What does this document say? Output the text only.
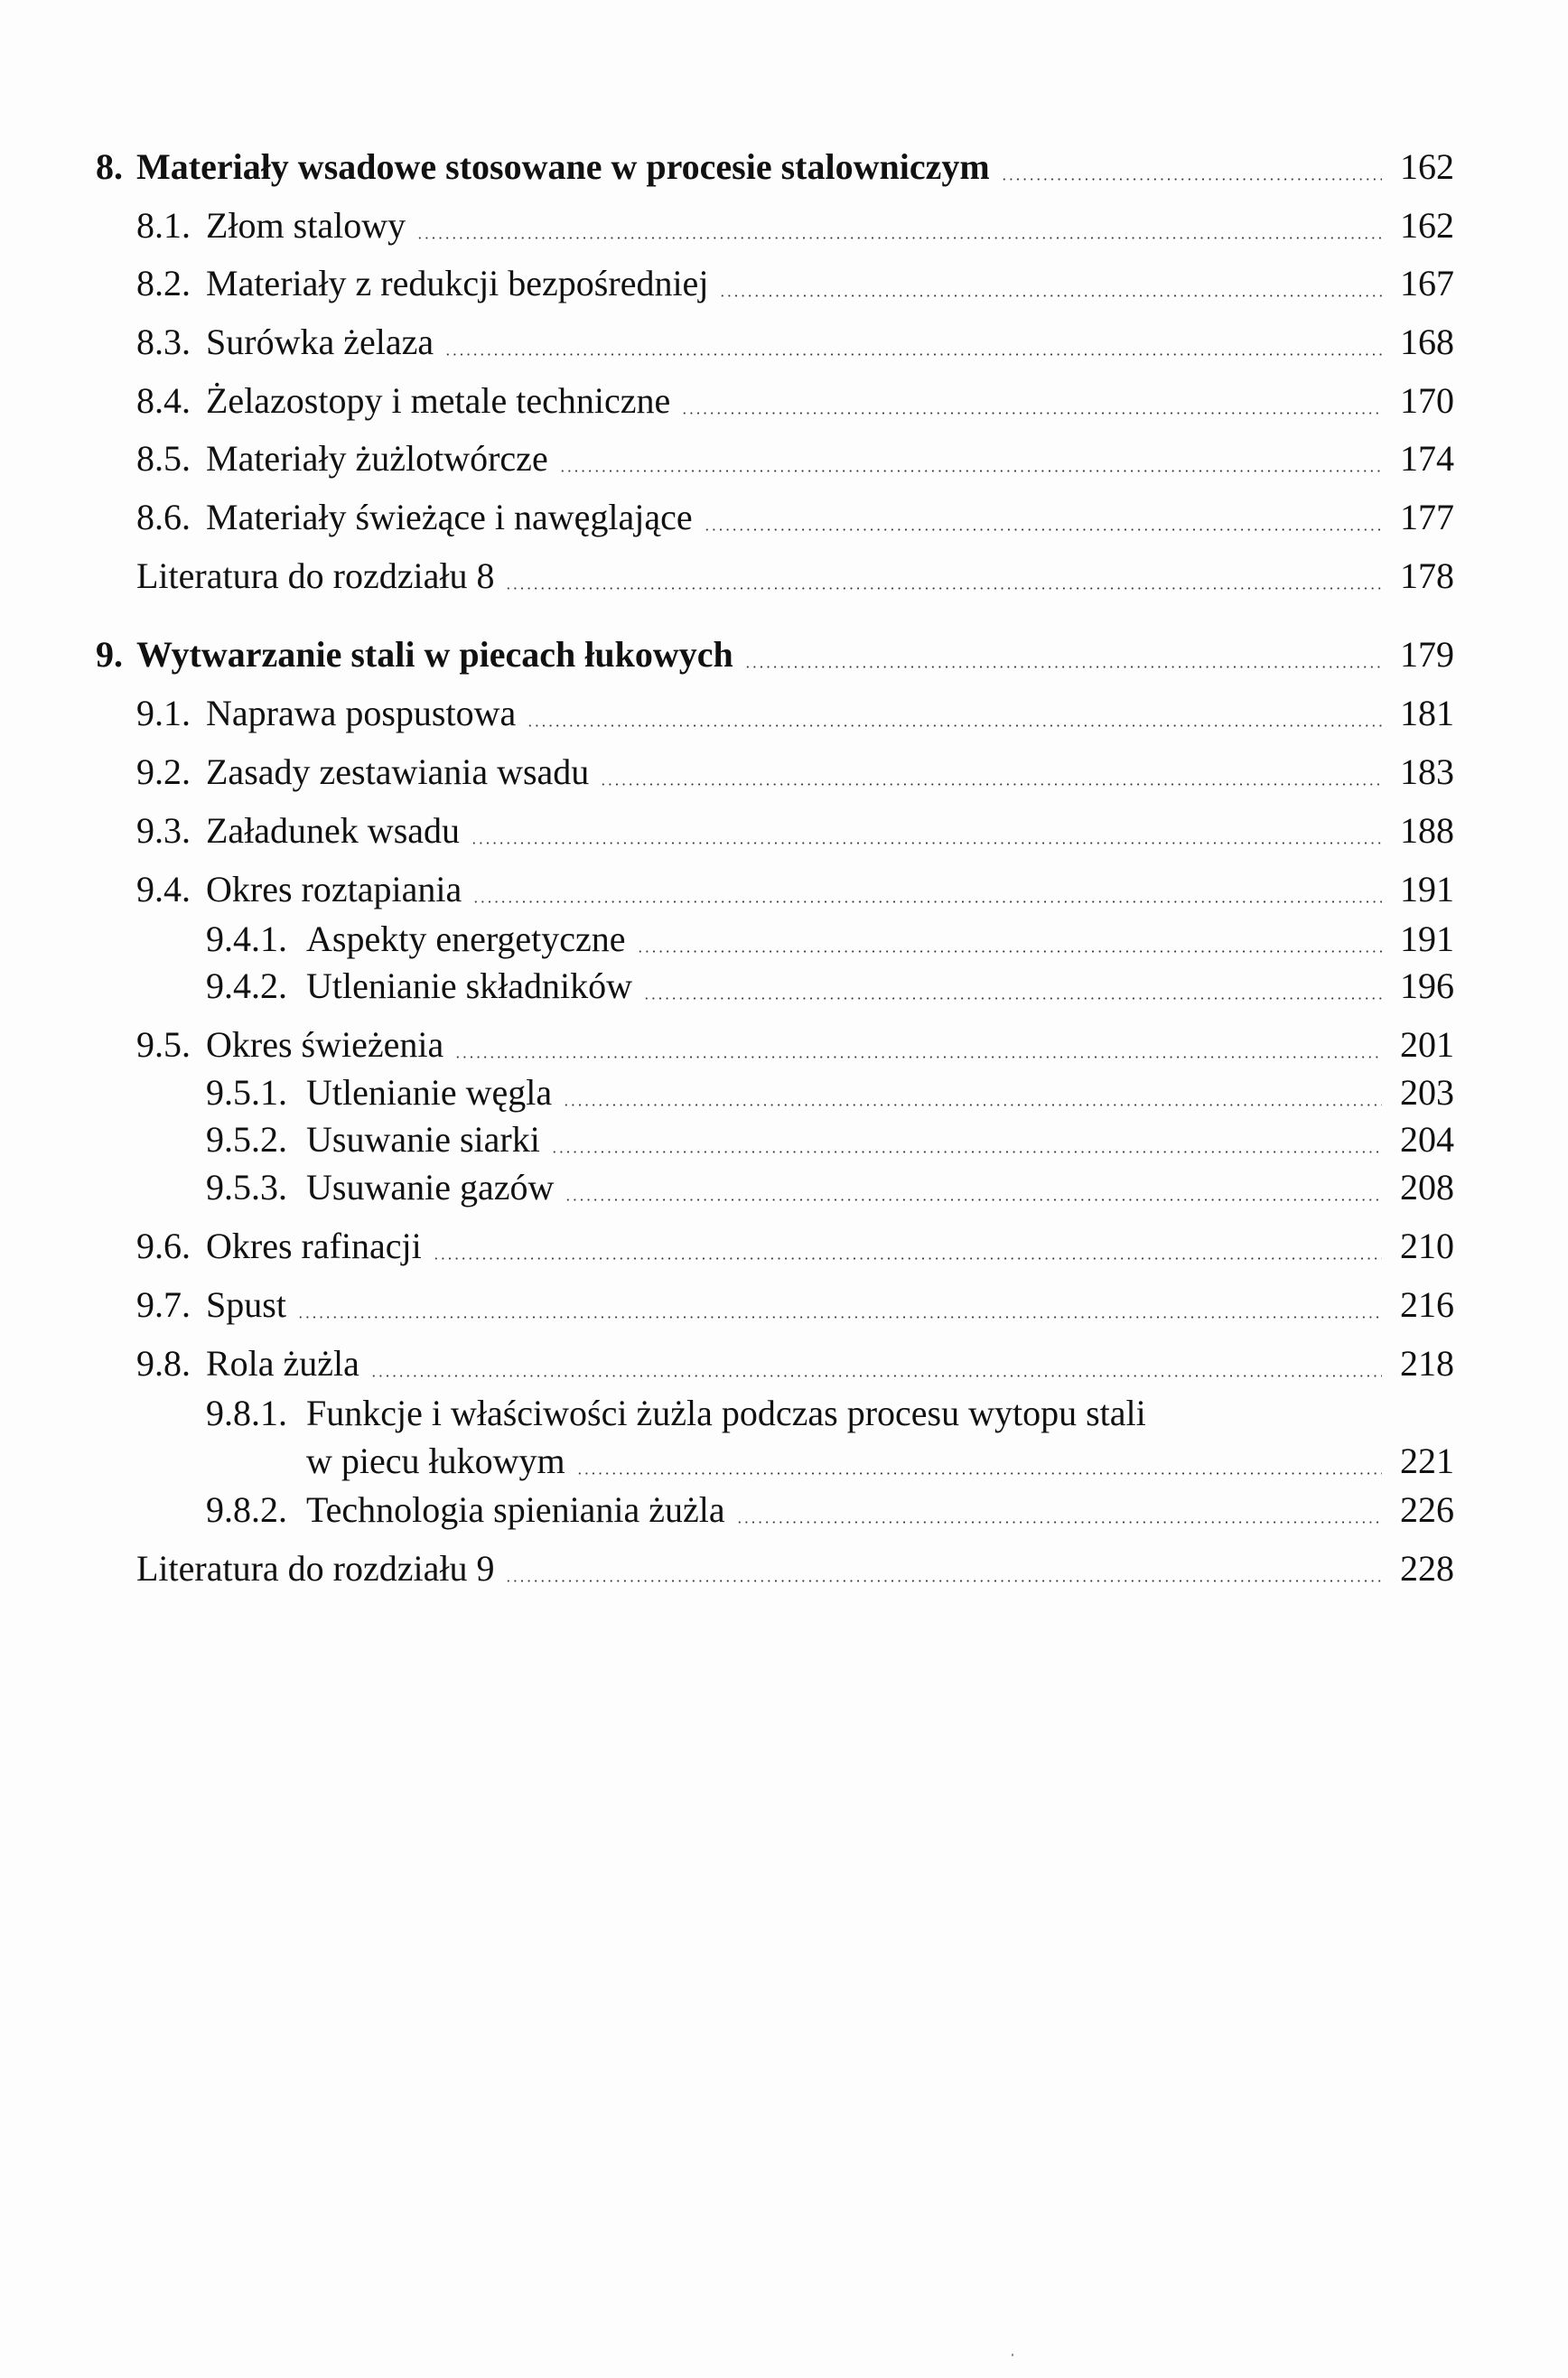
8. Materiały wsadowe stosowane w procesie stalowniczym	162
8.1. Złom stalowy	162
8.2. Materiały z redukcji bezpośredniej	167
8.3. Surówka żelaza	168
8.4. Żelazostopy i metale techniczne	170
8.5. Materiały żużlotwórcze	174
8.6. Materiały świeżące i nawęglające	177
Literatura do rozdziału 8	178
9. Wytwarzanie stali w piecach łukowych	179
9.1. Naprawa pospustowa	181
9.2. Zasady zestawiania wsadu	183
9.3. Załadunek wsadu	188
9.4. Okres roztapiania	191
9.4.1. Aspekty energetyczne	191
9.4.2. Utlenianie składników	196
9.5. Okres świeżenia	201
9.5.1. Utlenianie węgla	203
9.5.2. Usuwanie siarki	204
9.5.3. Usuwanie gazów	208
9.6. Okres rafinacji	210
9.7. Spust	216
9.8. Rola żużla	218
9.8.1. Funkcje i właściwości żużla podczas procesu wytopu stali
w piecu łukowym	221
9.8.2. Technologia spieniania żużla	226
Literatura do rozdziału 9	228
